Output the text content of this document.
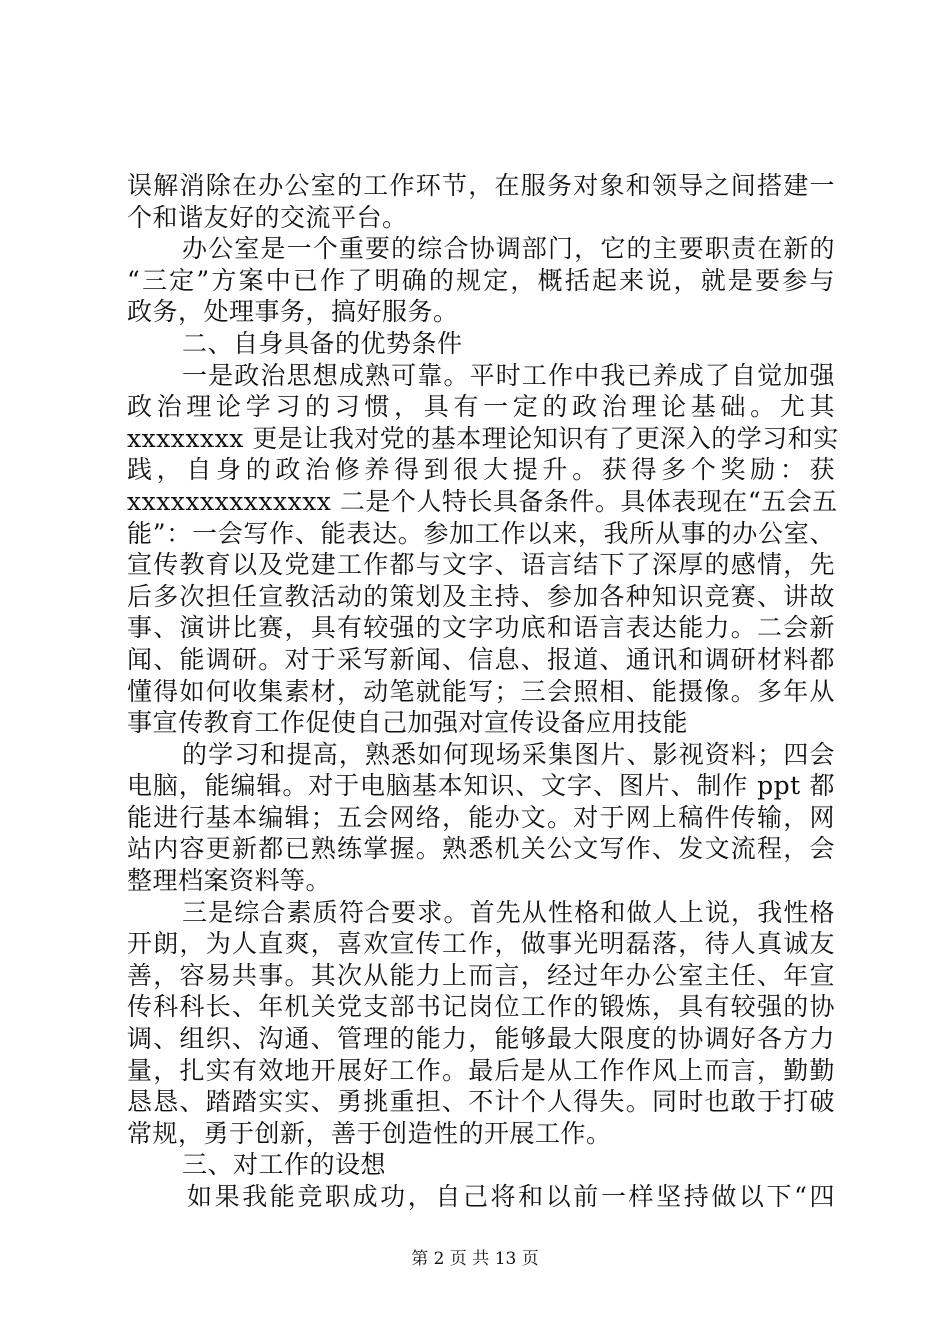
误解消除在办公室的工作环节，在服务对象和领导之间搭建一
个和谐友好的交流平台。
办公室是一个重要的综合协调部门，它的主要职责在新的
“三定”方案中已作了明确的规定，概括起来说，就是要参与
政务，处理事务，搞好服务。
二、自身具备的优势条件
一是政治思想成熟可靠。平时工作中我已养成了自觉加强
政治理论学习的习惯，具有一定的政治理论基础。尤其
xxxxxxxx 更是让我对党的基本理论知识有了更深入的学习和实
践，自身的政治修养得到很大提升。获得多个奖励：获
xxxxxxxxxxxxxx 二是个人特长具备条件。具体表现在“五会五
能”：一会写作、能表达。参加工作以来，我所从事的办公室、
宣传教育以及党建工作都与文字、语言结下了深厚的感情，先
后多次担任宣教活动的策划及主持、参加各种知识竞赛、讲故
事、演讲比赛，具有较强的文字功底和语言表达能力。二会新
闻、能调研。对于采写新闻、信息、报道、通讯和调研材料都
懂得如何收集素材，动笔就能写；三会照相、能摄像。多年从
事宣传教育工作促使自己加强对宣传设备应用技能
的学习和提高，熟悉如何现场采集图片、影视资料；四会
电脑，能编辑。对于电脑基本知识、文字、图片、制作 ppt 都
能进行基本编辑；五会网络，能办文。对于网上稿件传输，网
站内容更新都已熟练掌握。熟悉机关公文写作、发文流程，会
整理档案资料等。
三是综合素质符合要求。首先从性格和做人上说，我性格
开朗，为人直爽，喜欢宣传工作，做事光明磊落，待人真诚友
善，容易共事。其次从能力上而言，经过年办公室主任、年宣
传科科长、年机关党支部书记岗位工作的锻炼，具有较强的协
调、组织、沟通、管理的能力，能够最大限度的协调好各方力
量，扎实有效地开展好工作。最后是从工作作风上而言，勤勤
恳恳、踏踏实实、勇挑重担、不计个人得失。同时也敢于打破
常规，勇于创新，善于创造性的开展工作。
三、对工作的设想
如果我能竞职成功，自己将和以前一样坚持做以下“四
第 2 页 共 13 页
